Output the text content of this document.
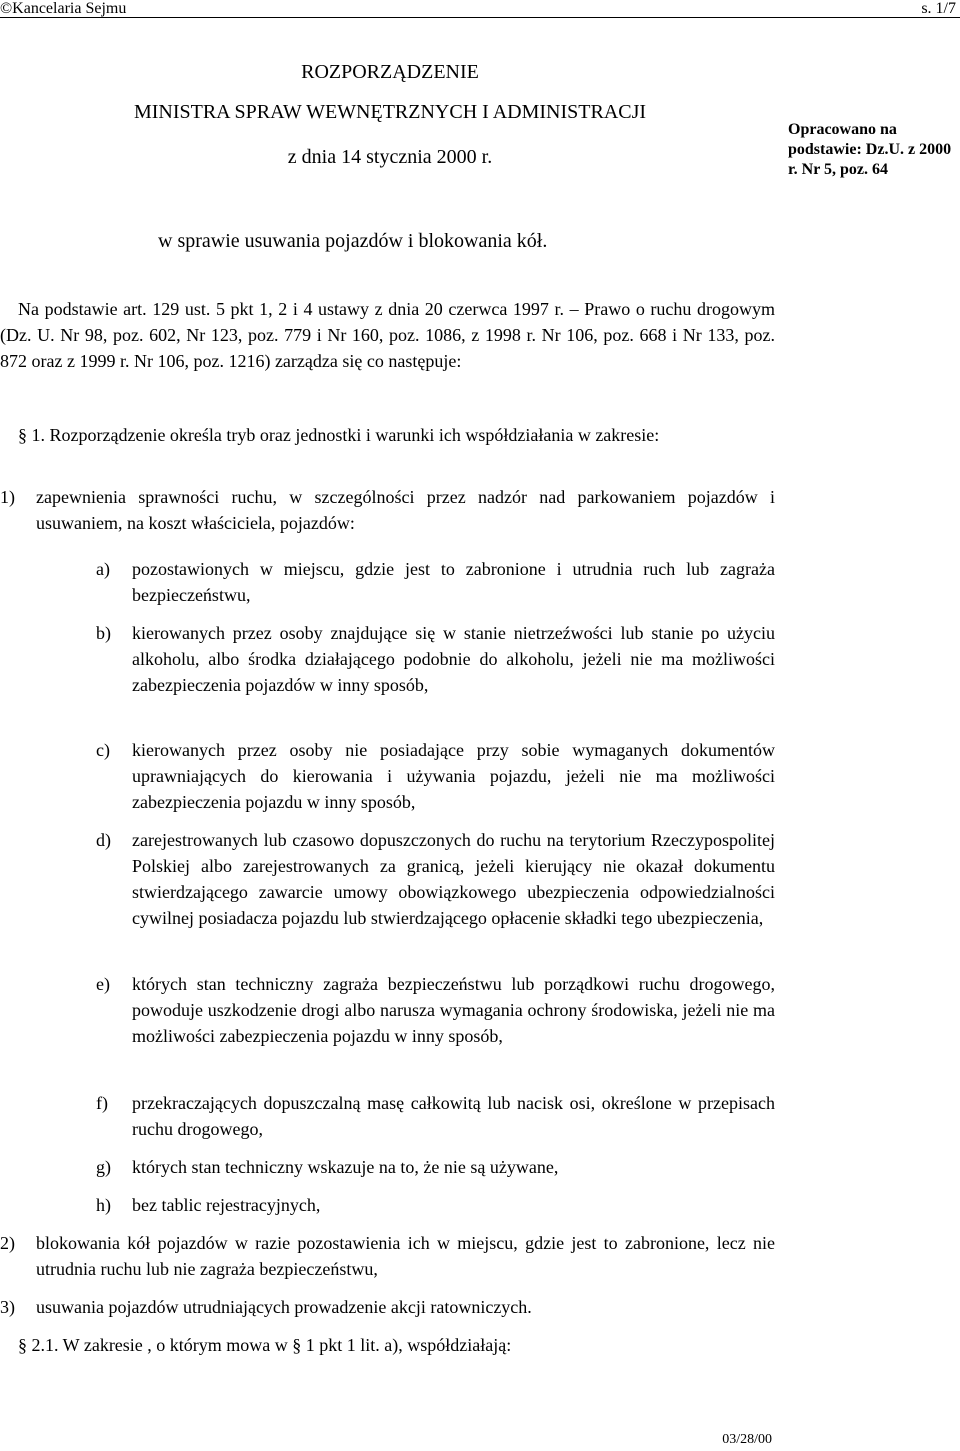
©Kancelaria Sejmu	s. 1/7
ROZPORZĄDZENIE
MINISTRA SPRAW WEWNĘTRZNYCH I ADMINISTRACJI
z dnia 14 stycznia 2000 r.
Opracowano na podstawie: Dz.U. z 2000 r. Nr 5, poz. 64
w sprawie usuwania pojazdów i blokowania kół.
Na podstawie art. 129 ust. 5 pkt 1, 2 i 4 ustawy z dnia 20 czerwca 1997 r. – Prawo o ruchu drogowym (Dz. U. Nr 98, poz. 602, Nr 123, poz. 779 i Nr 160, poz. 1086, z 1998 r. Nr 106, poz. 668 i Nr 133, poz. 872 oraz z 1999 r. Nr 106, poz. 1216) zarządza się co następuje:
§ 1. Rozporządzenie określa tryb oraz jednostki i warunki ich współdziałania w zakresie:
1) zapewnienia sprawności ruchu, w szczególności przez nadzór nad parkowaniem pojazdów i usuwaniem, na koszt właściciela, pojazdów:
a) pozostawionych w miejscu, gdzie jest to zabronione i utrudnia ruch lub zagraża bezpieczeństwu,
b) kierowanych przez osoby znajdujące się w stanie nietrzeźwości lub stanie po użyciu alkoholu, albo środka działającego podobnie do alkoholu, jeżeli nie ma możliwości zabezpieczenia pojazdów w inny sposób,
c) kierowanych przez osoby nie posiadające przy sobie wymaganych dokumentów uprawniających do kierowania i używania pojazdu, jeżeli nie ma możliwości zabezpieczenia pojazdu w inny sposób,
d) zarejestrowanych lub czasowo dopuszczonych do ruchu na terytorium Rzeczypospolitej Polskiej albo zarejestrowanych za granicą, jeżeli kierujący nie okazał dokumentu stwierdzającego zawarcie umowy obowiązkowego ubezpieczenia odpowiedzialności cywilnej posiadacza pojazdu lub stwierdzającego opłacenie składki tego ubezpieczenia,
e) których stan techniczny zagraża bezpieczeństwu lub porządkowi ruchu drogowego, powoduje uszkodzenie drogi albo narusza wymagania ochrony środowiska, jeżeli nie ma możliwości zabezpieczenia pojazdu w inny sposób,
f) przekraczających dopuszczalną masę całkowitą lub nacisk osi, określone w przepisach ruchu drogowego,
g) których stan techniczny wskazuje na to, że nie są używane,
h) bez tablic rejestracyjnych,
2) blokowania kół pojazdów w razie pozostawienia ich w miejscu, gdzie jest to zabronione, lecz nie utrudnia ruchu lub nie zagraża bezpieczeństwu,
3) usuwania pojazdów utrudniających prowadzenie akcji ratowniczych.
§ 2.1. W zakresie , o którym mowa w § 1 pkt 1 lit. a), współdziałają:
03/28/00
